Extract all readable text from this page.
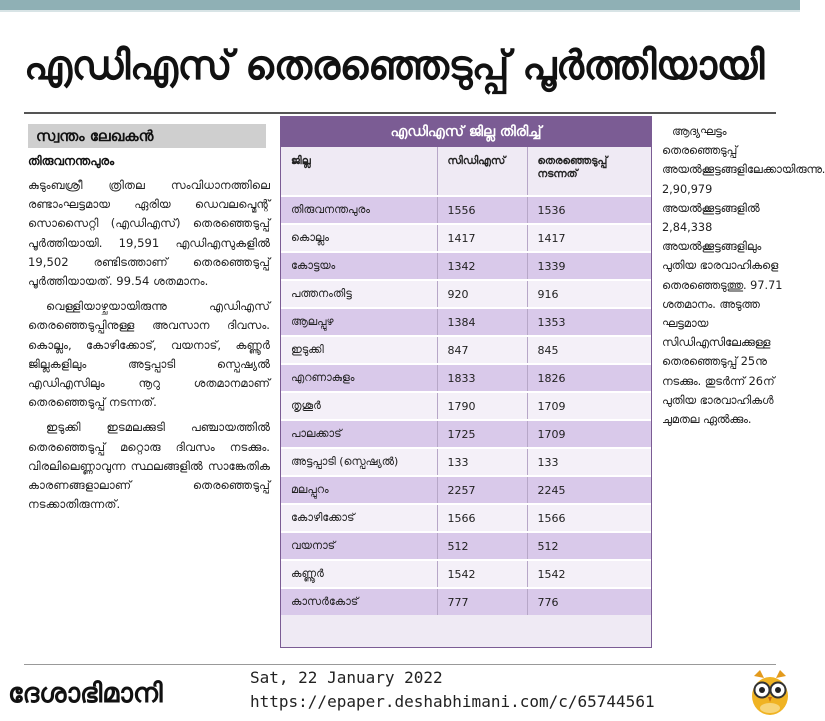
എഡിഎസ് തെരഞ്ഞെടുപ്പ് പൂർത്തിയായി
സ്വന്തം ലേഖകൻ
തിരുവനന്തപുരം

കുടുംബശ്രീ ത്രിതല സംവിധാനത്തിലെ രണ്ടാംഘട്ടമായ ഏരിയ ഡെവലപ്മെന്റ് സൊസൈറ്റി (എഡിഎസ്) തെരഞ്ഞെടുപ്പ് പൂർത്തിയായി. 19,591 എഡിഎസുകളിൽ 19,502 രണ്ടിടത്താണ് തെരഞ്ഞെടുപ്പ് പൂർത്തിയായത്. 99.54 ശതമാനം.

വെള്ളിയാഴ്ചയായിരുന്നു എഡിഎസ് തെരഞ്ഞെടുപ്പിനുള്ള അവസാന ദിവസം. കൊല്ലം, കോഴിക്കോട്, വയനാട്, കണ്ണൂർ ജില്ലകളിലും അട്ടപ്പാടി സ്പെഷ്യൽ എഡിഎസിലും നൂറു ശതമാനമാണ് തെരഞ്ഞെടുപ്പ് നടന്നത്.

ഇടുക്കി ഇടമലക്കുടി പഞ്ചായത്തിൽ തെരഞ്ഞെടുപ്പ് മറ്റൊരു ദിവസം നടക്കും. വിരലിലെണ്ണാവുന്ന സ്ഥലങ്ങളിൽ സാങ്കേതിക കാരണങ്ങളാലാണ് തെരഞ്ഞെടുപ്പ് നടക്കാതിരുന്നത്.

എഡിഎസ് ജില്ല തിരിച്ച്
ജില്ല	സിഡിഎസ്	തെരഞ്ഞെടുപ്പ് നടന്നത്
തിരുവനന്തപുരം	1556	1536
കൊല്ലം	1417	1417
കോട്ടയം	1342	1339
പത്തനംതിട്ട	920	916
ആലപ്പുഴ	1384	1353
ഇടുക്കി	847	845
എറണാകുളം	1833	1826
തൃശൂർ	1790	1709
പാലക്കാട്	1725	1709
അട്ടപ്പാടി (സ്പെഷ്യൽ)	133	133
മലപ്പുറം	2257	2245
കോഴിക്കോട്	1566	1566
വയനാട്	512	512
കണ്ണൂർ	1542	1542
കാസർകോട്	777	776

ആദ്യഘട്ടം തെരഞ്ഞെടുപ്പ് അയൽക്കൂട്ടങ്ങളിലേക്കായിരുന്നു. 2,90,979 അയൽക്കൂട്ടങ്ങളിൽ 2,84,338 അയൽക്കൂട്ടങ്ങളിലും പുതിയ ഭാരവാഹികളെ തെരഞ്ഞെടുത്തു. 97.71 ശതമാനം. അടുത്ത ഘട്ടമായ സിഡിഎസിലേക്കുള്ള തെരഞ്ഞെടുപ്പ് 25നു നടക്കും. തുടർന്ന് 26ന് പുതിയ ഭാരവാഹികൾ ചുമതല ഏൽക്കും.

ദേശാഭിമാനി
Sat, 22 January 2022
https://epaper.deshabhimani.com/c/65744561
